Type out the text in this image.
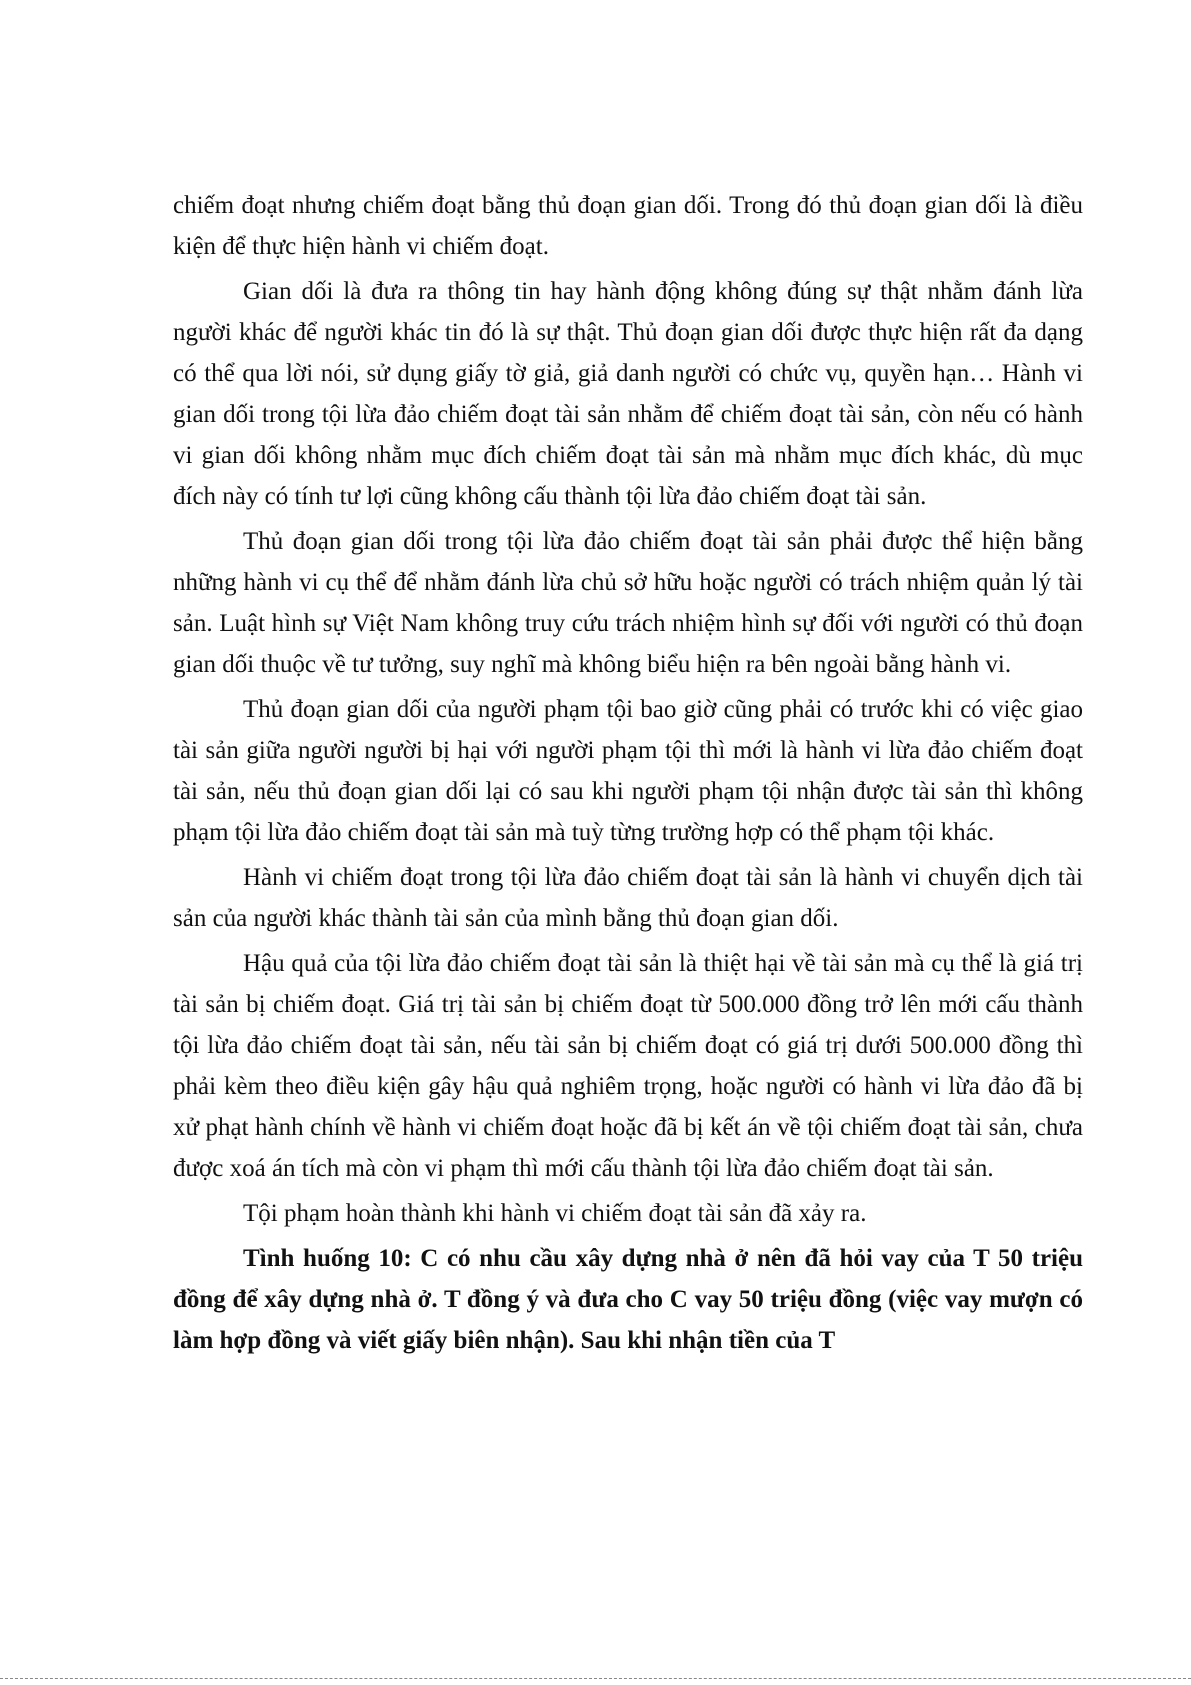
chiếm đoạt nhưng chiếm đoạt bằng thủ đoạn gian dối. Trong đó thủ đoạn gian dối là điều kiện để thực hiện hành vi chiếm đoạt.

Gian dối là đưa ra thông tin hay hành động không đúng sự thật nhằm đánh lừa người khác để người khác tin đó là sự thật. Thủ đoạn gian dối được thực hiện rất đa dạng có thể qua lời nói, sử dụng giấy tờ giả, giả danh người có chức vụ, quyền hạn… Hành vi gian dối trong tội lừa đảo chiếm đoạt tài sản nhằm để chiếm đoạt tài sản, còn nếu có hành vi gian dối không nhằm mục đích chiếm đoạt tài sản mà nhằm mục đích khác, dù mục đích này có tính tư lợi cũng không cấu thành tội lừa đảo chiếm đoạt tài sản.

Thủ đoạn gian dối trong tội lừa đảo chiếm đoạt tài sản phải được thể hiện bằng những hành vi cụ thể để nhằm đánh lừa chủ sở hữu hoặc người có trách nhiệm quản lý tài sản. Luật hình sự Việt Nam không truy cứu trách nhiệm hình sự đối với người có thủ đoạn gian dối thuộc về tư tưởng, suy nghĩ mà không biểu hiện ra bên ngoài bằng hành vi.

Thủ đoạn gian dối của người phạm tội bao giờ cũng phải có trước khi có việc giao tài sản giữa người người bị hại với người phạm tội thì mới là hành vi lừa đảo chiếm đoạt tài sản, nếu thủ đoạn gian dối lại có sau khi người phạm tội nhận được tài sản thì không phạm tội lừa đảo chiếm đoạt tài sản mà tuỳ từng trường hợp có thể phạm tội khác.

Hành vi chiếm đoạt trong tội lừa đảo chiếm đoạt tài sản là hành vi chuyển dịch tài sản của người khác thành tài sản của mình bằng thủ đoạn gian dối.

Hậu quả của tội lừa đảo chiếm đoạt tài sản là thiệt hại về tài sản mà cụ thể là giá trị tài sản bị chiếm đoạt. Giá trị tài sản bị chiếm đoạt từ 500.000 đồng trở lên mới cấu thành tội lừa đảo chiếm đoạt tài sản, nếu tài sản bị chiếm đoạt có giá trị dưới 500.000 đồng thì phải kèm theo điều kiện gây hậu quả nghiêm trọng, hoặc người có hành vi lừa đảo đã bị xử phạt hành chính về hành vi chiếm đoạt hoặc đã bị kết án về tội chiếm đoạt tài sản, chưa được xoá án tích mà còn vi phạm thì mới cấu thành tội lừa đảo chiếm đoạt tài sản.

Tội phạm hoàn thành khi hành vi chiếm đoạt tài sản đã xảy ra.

Tình huống 10: C có nhu cầu xây dựng nhà ở nên đã hỏi vay của T 50 triệu đồng để xây dựng nhà ở. T đồng ý và đưa cho C vay 50 triệu đồng (việc vay mượn có làm hợp đồng và viết giấy biên nhận). Sau khi nhận tiền của T
